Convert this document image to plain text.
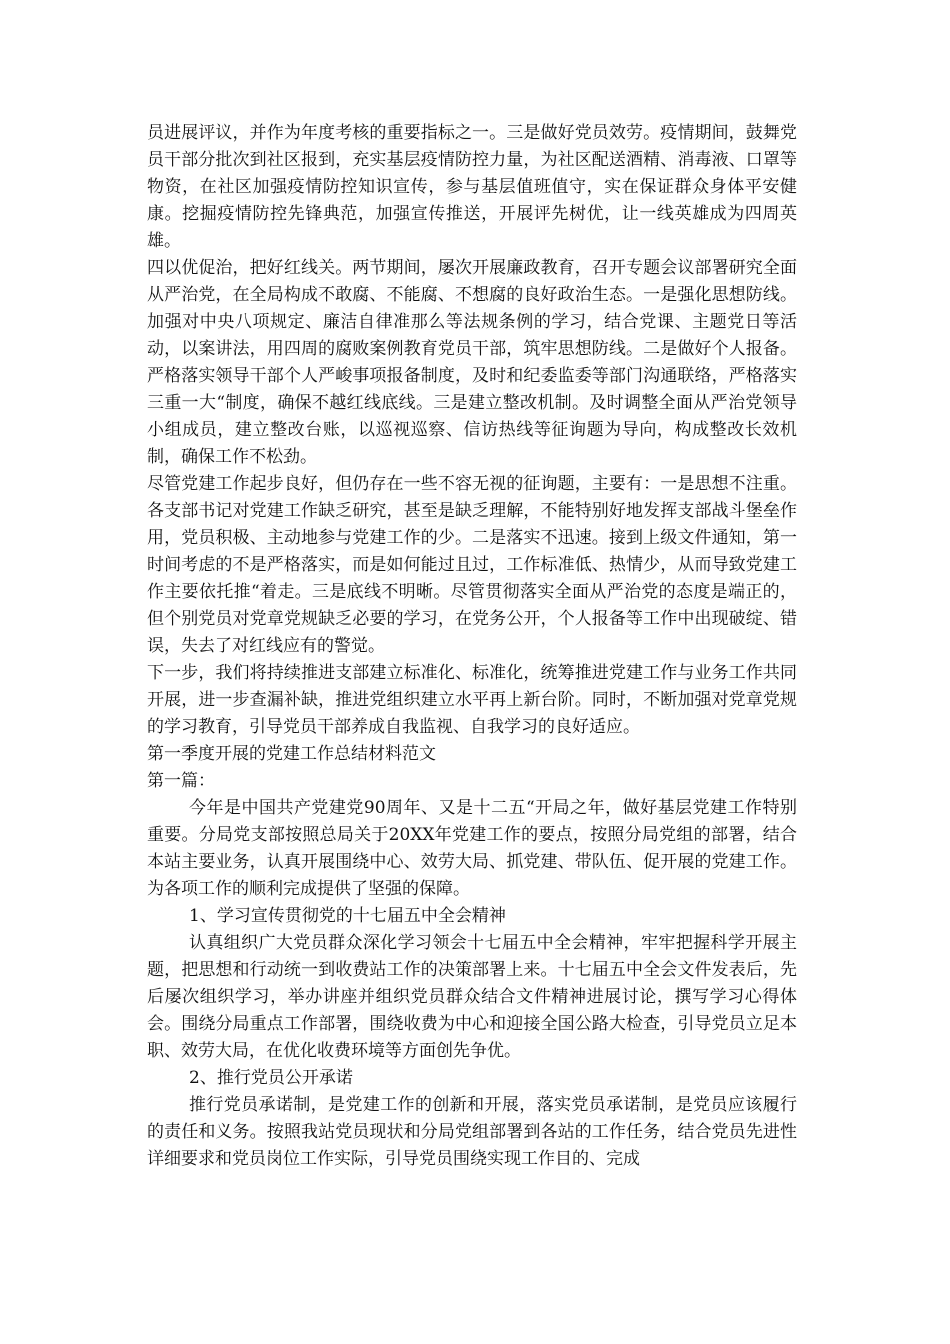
员进展评议，并作为年度考核的重要指标之一。三是做好党员效劳。疫情期间，鼓舞党员干部分批次到社区报到，充实基层疫情防控力量，为社区配送酒精、消毒液、口罩等物资，在社区加强疫情防控知识宣传，参与基层值班值守，实在保证群众身体平安健康。挖掘疫情防控先锋典范，加强宣传推送，开展评先树优，让一线英雄成为四周英雄。

四以优促治，把好红线关。两节期间，屡次开展廉政教育，召开专题会议部署研究全面从严治党，在全局构成不敢腐、不能腐、不想腐的良好政治生态。一是强化思想防线。加强对中央八项规定、廉洁自律准那么等法规条例的学习，结合党课、主题党日等活动，以案讲法，用四周的腐败案例教育党员干部，筑牢思想防线。二是做好个人报备。严格落实领导干部个人严峻事项报备制度，及时和纪委监委等部门沟通联络，严格落实三重一大“制度，确保不越红线底线。三是建立整改机制。及时调整全面从严治党领导小组成员，建立整改台账，以巡视巡察、信访热线等征询题为导向，构成整改长效机制，确保工作不松劲。

尽管党建工作起步良好，但仍存在一些不容无视的征询题，主要有：一是思想不注重。各支部书记对党建工作缺乏研究，甚至是缺乏理解，不能特别好地发挥支部战斗堡垒作用，党员积极、主动地参与党建工作的少。二是落实不迅速。接到上级文件通知，第一时间考虑的不是严格落实，而是如何能过且过，工作标准低、热情少，从而导致党建工作主要依托推“着走。三是底线不明晰。尽管贯彻落实全面从严治党的态度是端正的，但个别党员对党章党规缺乏必要的学习，在党务公开，个人报备等工作中出现破绽、错误，失去了对红线应有的警觉。

下一步，我们将持续推进支部建立标准化、标准化，统筹推进党建工作与业务工作共同开展，进一步查漏补缺，推进党组织建立水平再上新台阶。同时，不断加强对党章党规的学习教育，引导党员干部养成自我监视、自我学习的良好适应。

第一季度开展的党建工作总结材料范文

第一篇：

今年是中国共产党建党90周年、又是十二五“开局之年，做好基层党建工作特别重要。分局党支部按照总局关于20XX年党建工作的要点，按照分局党组的部署，结合本站主要业务，认真开展围绕中心、效劳大局、抓党建、带队伍、促开展的党建工作。为各项工作的顺利完成提供了坚强的保障。

1、学习宣传贯彻党的十七届五中全会精神

认真组织广大党员群众深化学习领会十七届五中全会精神，牢牢把握科学开展主题，把思想和行动统一到收费站工作的决策部署上来。十七届五中全会文件发表后，先后屡次组织学习，举办讲座并组织党员群众结合文件精神进展讨论，撰写学习心得体会。围绕分局重点工作部署，围绕收费为中心和迎接全国公路大检查，引导党员立足本职、效劳大局，在优化收费环境等方面创先争优。

2、推行党员公开承诺

推行党员承诺制，是党建工作的创新和开展，落实党员承诺制，是党员应该履行的责任和义务。按照我站党员现状和分局党组部署到各站的工作任务，结合党员先进性详细要求和党员岗位工作实际，引导党员围绕实现工作目的、完成
